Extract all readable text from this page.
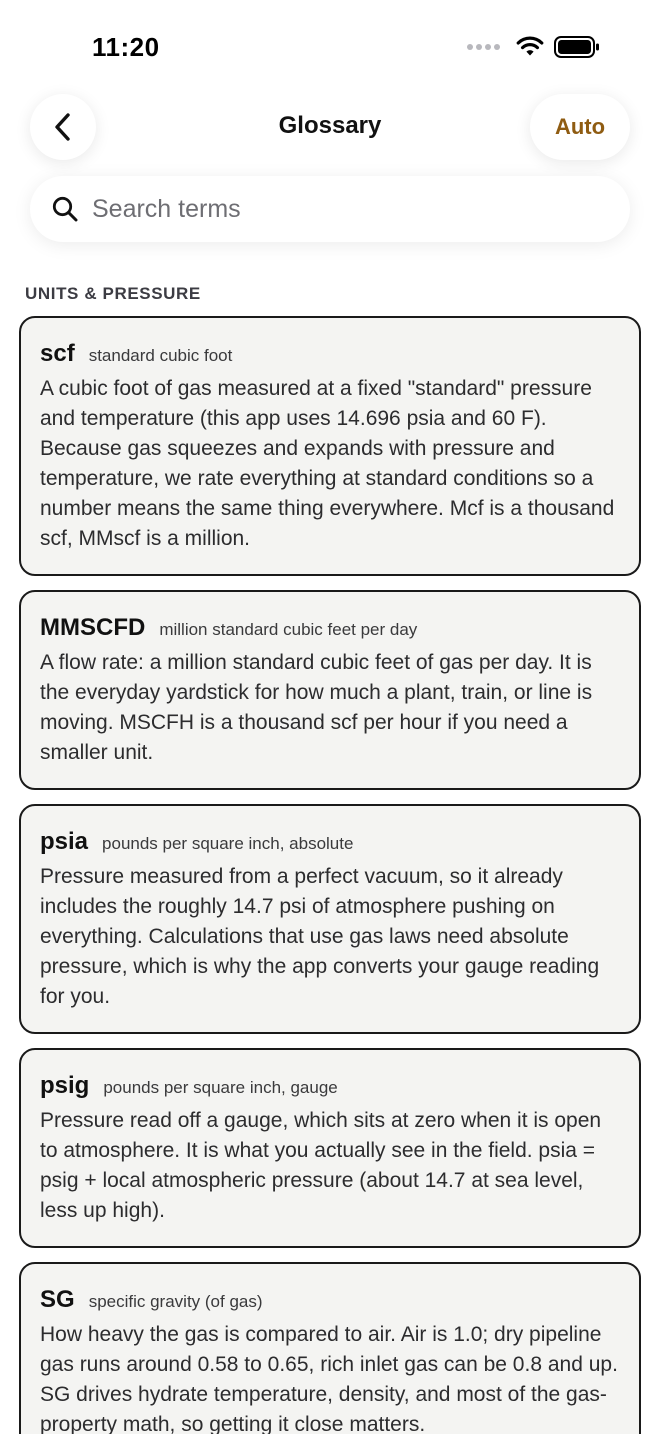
11:20
Glossary	Auto
Search terms
UNITS & PRESSURE
scf standard cubic foot
A cubic foot of gas measured at a fixed "standard" pressure and temperature (this app uses 14.696 psia and 60 F). Because gas squeezes and expands with pressure and temperature, we rate everything at standard conditions so a number means the same thing everywhere. Mcf is a thousand scf, MMscf is a million.
MMSCFD million standard cubic feet per day
A flow rate: a million standard cubic feet of gas per day. It is the everyday yardstick for how much a plant, train, or line is moving. MSCFH is a thousand scf per hour if you need a smaller unit.
psia pounds per square inch, absolute
Pressure measured from a perfect vacuum, so it already includes the roughly 14.7 psi of atmosphere pushing on everything. Calculations that use gas laws need absolute pressure, which is why the app converts your gauge reading for you.
psig pounds per square inch, gauge
Pressure read off a gauge, which sits at zero when it is open to atmosphere. It is what you actually see in the field. psia = psig + local atmospheric pressure (about 14.7 at sea level, less up high).
SG specific gravity (of gas)
How heavy the gas is compared to air. Air is 1.0; dry pipeline gas runs around 0.58 to 0.65, rich inlet gas can be 0.8 and up. SG drives hydrate temperature, density, and most of the gas-property math, so getting it close matters.
